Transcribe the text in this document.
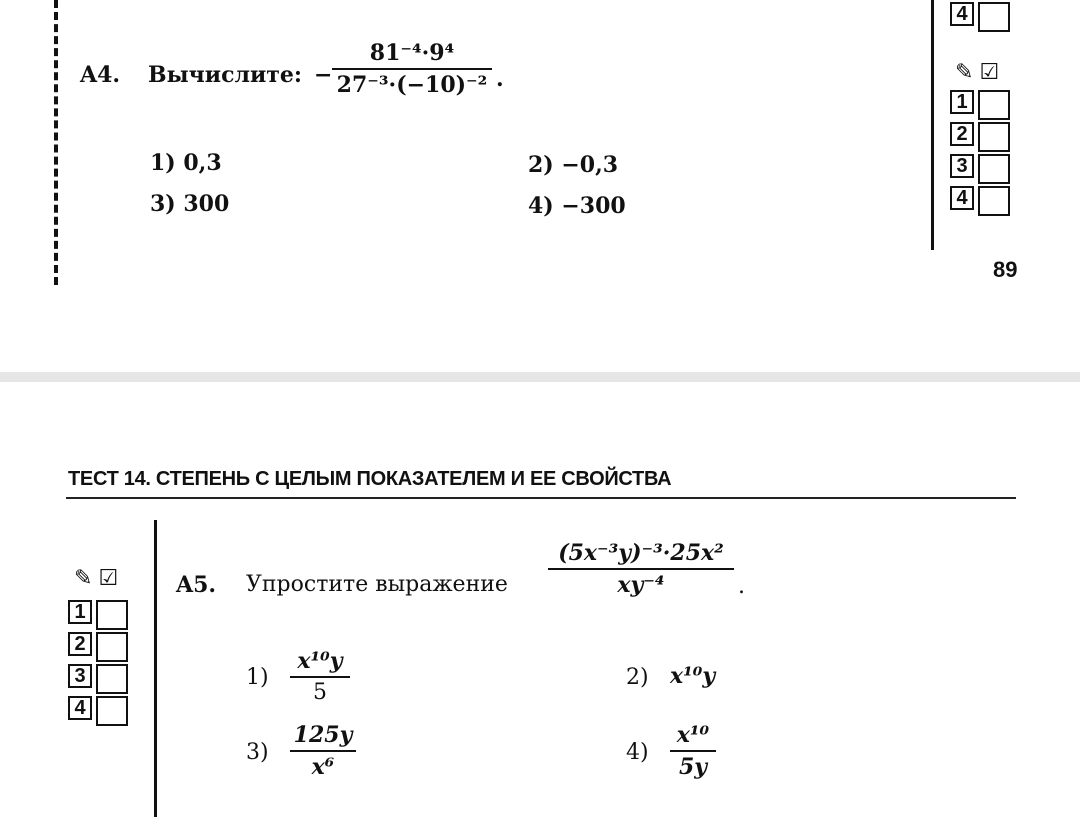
A4. Вычислите: −
81⁻⁴·9⁴
27⁻³·(−10)⁻² .
1) 0,3	2) −0,3
3) 300	4) −300
4
✎ ☑
1
2
3
4
89
ТЕСТ 14. СТЕПЕНЬ С ЦЕЛЫМ ПОКАЗАТЕЛЕМ И ЕЕ СВОЙСТВА
✎ ☑
1
2
3
4
A5. Упростите выражение
(5x⁻³y)⁻³·25x²
xy⁻⁴	.
1)
x¹⁰y
5
2) x¹⁰y
3)
125y
x⁶
4)
x¹⁰
5y
